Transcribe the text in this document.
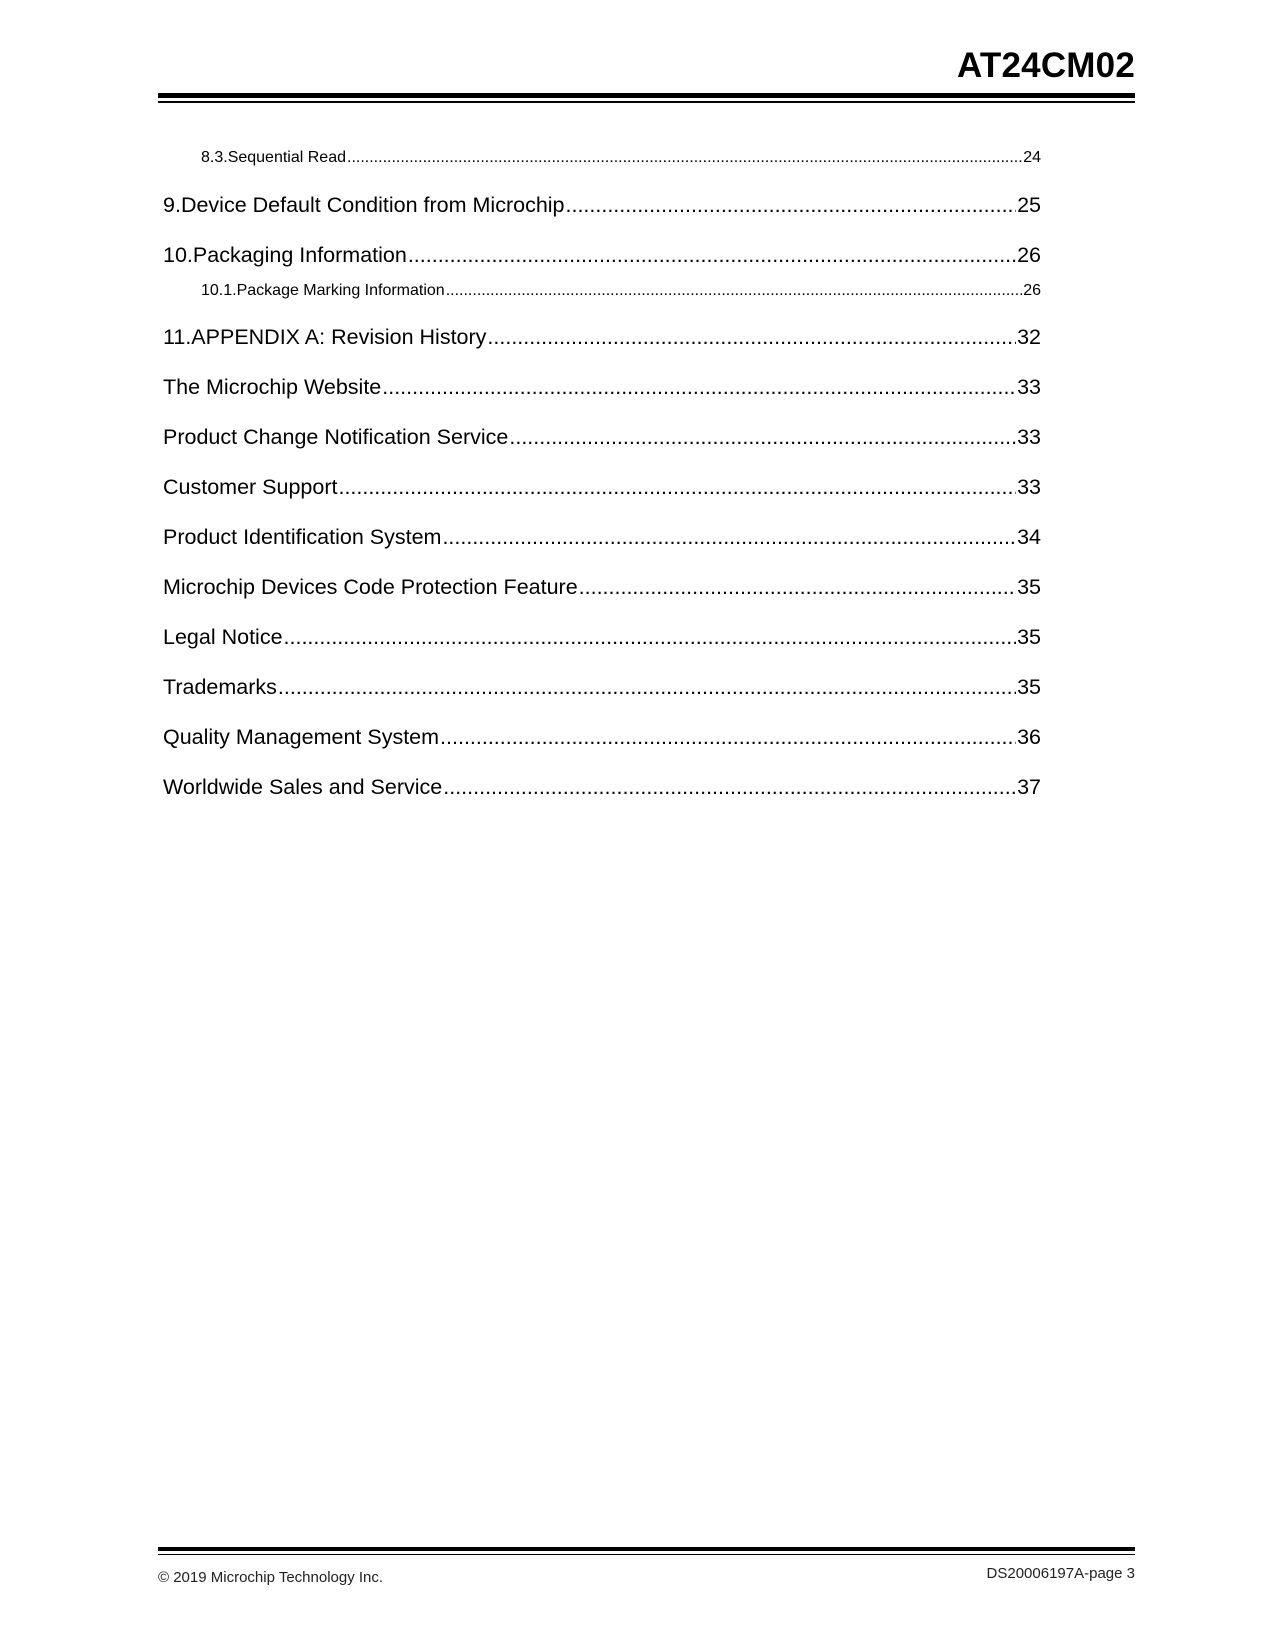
AT24CM02
8.3. Sequential Read .....	24
9. Device Default Condition from Microchip .....	25
10. Packaging Information .....	26
10.1. Package Marking Information .....	26
11. APPENDIX A: Revision History .....	32
The Microchip Website .....	33
Product Change Notification Service .....	33
Customer Support .....	33
Product Identification System .....	34
Microchip Devices Code Protection Feature .....	35
Legal Notice .....	35
Trademarks .....	35
Quality Management System .....	36
Worldwide Sales and Service .....	37
© 2019 Microchip Technology Inc.	DS20006197A-page 3
